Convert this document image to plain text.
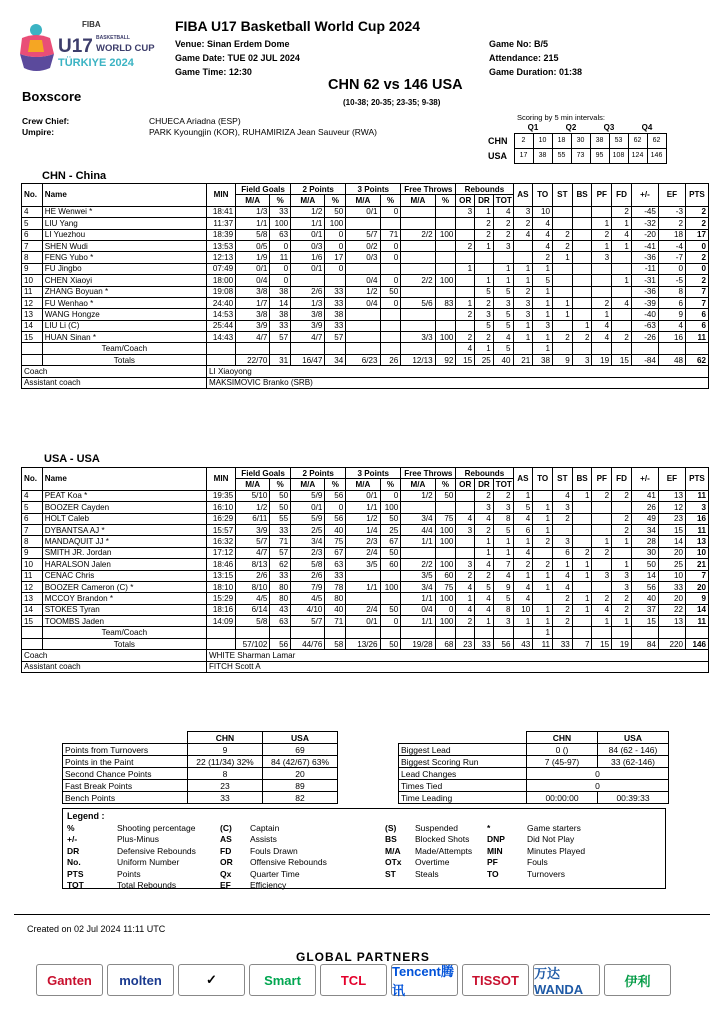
FIBA
U17 BASKETBALL
WORLD CUP
TÜRKIYE 2024
FIBA U17 Basketball World Cup 2024
Venue: Sinan Erdem Dome
Game Date: TUE 02 JUL 2024
Game Time: 12:30
Game No: B/5
Attendance: 215
Game Duration: 01:38
CHN 62 vs 146 USA
(10-38; 20-35; 23-35; 9-38)
Boxscore
Crew Chief:	CHUECA Ariadna (ESP)
Umpire:	PARK Kyoungjin (KOR), RUHAMIRIZA Jean Sauveur (RWA)
Scoring by 5 min intervals:
	Q1		Q2		Q3		Q4	
CHN	2	10	18	30	38	53	62	62
USA	17	38	55	73	95	108	124	146
CHN - China
No.	Name	MIN	Field Goals		2 Points		3 Points		Free Throws		Rebounds			AS	TO	ST	BS	PF	FD	+/-	EF	PTS
			M/A	%	M/A	%	M/A	%	M/A	%	OR	DR	TOT									
4	HE Wenwei *	18:41	1/3	33	1/2	50	0/1	0			3	1	4	3	10				2	-45	-3	2
5	LIU Yang	11:37	1/1	100	1/1	100						2	2	2	4			1	1	-32	2	2
6	LI Yuezhou	18:39	5/8	63	0/1	0	5/7	71	2/2	100		2	2	4	4	2		2	4	-20	18	17
7	SHEN Wudi	13:53	0/5	0	0/3	0	0/2	0			2	1	3		4	2		1	1	-41	-4	0
8	FENG Yubo *	12:13	1/9	11	1/6	17	0/3	0							2	1		3		-36	-7	2
9	FU Jingbo	07:49	0/1	0	0/1	0					1		1	1	1					-11	0	0
10	CHEN Xiaoyi	18:00	0/4	0			0/4	0	2/2	100		1	1	1	5				1	-31	-5	2
11	ZHANG Boyuan *	19:08	3/8	38	2/6	33	1/2	50				5	5	2	1					-36	8	7
12	FU Wenhao *	24:40	1/7	14	1/3	33	0/4	0	5/6	83	1	2	3	3	1	1		2	4	-39	6	7
13	WANG Hongze	14:53	3/8	38	3/8	38					2	3	5	3	1	1		1		-40	9	6
14	LIU Li (C)	25:44	3/9	33	3/9	33						5	5	1	3		1	4		-63	4	6
15	HUAN Sinan *	14:43	4/7	57	4/7	57			3/3	100	2	2	4	1	1	2	2	4	2	-26	16	11
	Team/Coach										4	1	5		1							
	Totals		22/70	31	16/47	34	6/23	26	12/13	92	15	25	40	21	38	9	3	19	15	-84	48	62
Coach		LI Xiaoyong																				
Assistant coach		MAKSIMOVIC Branko (SRB)																				
USA - USA
No.	Name	MIN	Field Goals		2 Points		3 Points		Free Throws		Rebounds			AS	TO	ST	BS	PF	FD	+/-	EF	PTS
			M/A	%	M/A	%	M/A	%	M/A	%	OR	DR	TOT									
4	PEAT Koa *	19:35	5/10	50	5/9	56	0/1	0	1/2	50		2	2	1		4	1	2	2	41	13	11
5	BOOZER Cayden	16:10	1/2	50	0/1	0	1/1	100				3	3	5	1	3				26	12	3
6	HOLT Caleb	16:29	6/11	55	5/9	56	1/2	50	3/4	75	4	4	8	4	1	2			2	49	23	16
7	DYBANTSA AJ *	15:57	3/9	33	2/5	40	1/4	25	4/4	100	3	2	5	6	1				2	34	15	11
8	MANDAQUIT JJ *	16:32	5/7	71	3/4	75	2/3	67	1/1	100		1	1	1	2	3		1	1	28	14	13
9	SMITH JR. Jordan	17:12	4/7	57	2/3	67	2/4	50				1	1	4		6	2	2		30	20	10
10	HARALSON Jalen	18:46	8/13	62	5/8	63	3/5	60	2/2	100	3	4	7	2	2	1	1		1	50	25	21
11	CENAC Chris	13:15	2/6	33	2/6	33			3/5	60	2	2	4	1	1	4	1	3	3	14	10	7
12	BOOZER Cameron (C) *	18:10	8/10	80	7/9	78	1/1	100	3/4	75	4	5	9	4	1	4			3	56	33	20
13	MCCOY Brandon *	15:29	4/5	80	4/5	80			1/1	100	1	4	5	4		2	1	2	2	40	20	9
14	STOKES Tyran	18:16	6/14	43	4/10	40	2/4	50	0/4	0	4	4	8	10	1	2	1	4	2	37	22	14
15	TOOMBS Jaden	14:09	5/8	63	5/7	71	0/1	0	1/1	100	2	1	3	1	1	2		1	1	15	13	11
	Team/Coach														1							
	Totals		57/102	56	44/76	58	13/26	50	19/28	68	23	33	56	43	11	33	7	15	19	84	220	146
Coach		WHITE Sharman Lamar																				
Assistant coach		FITCH Scott A																				
	CHN	USA
Points from Turnovers	9	69
Points in the Paint	22 (11/34) 32%	84 (42/67) 63%
Second Chance Points	8	20
Fast Break Points	23	89
Bench Points	33	82
	CHN	USA
Biggest Lead	0 ()	84 (62 - 146)
Biggest Scoring Run	7 (45-97)	33 (62-146)
Lead Changes	0	
Times Tied	0	
Time Leading	00:00:00	00:39:33
Legend :
%	Shooting percentage	(C)	Captain	(S)	Suspended	*	Game starters
+/-	Plus-Minus	AS	Assists	BS	Blocked Shots	DNP	Did Not Play
DR	Defensive Rebounds	FD	Fouls Drawn	M/A	Made/Attempts	MIN	Minutes Played
No.	Uniform Number	OR	Offensive Rebounds	OTx	Overtime	PF	Fouls
PTS	Points	Qx	Quarter Time	ST	Steals	TO	Turnovers
TOT	Total Rebounds	EF	Efficiency
Created on 02 Jul 2024 11:11 UTC
GLOBAL PARTNERS
Ganten	molten	✓	Smart	TCL
Tencent腾讯
TISSOT	万达WANDA
伊利
